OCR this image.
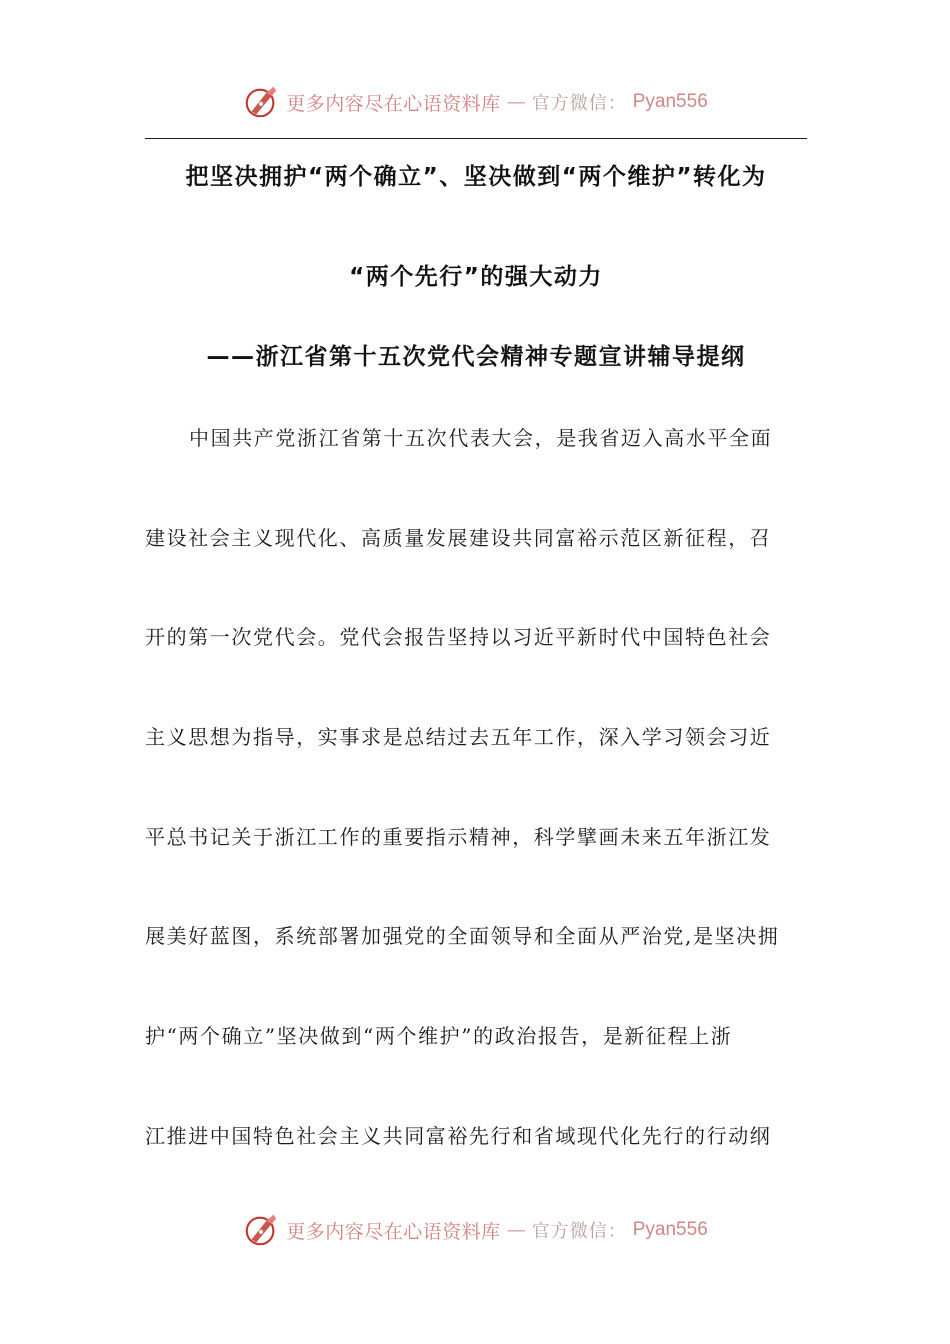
更多内容尽在心语资料库 — 官方微信： Pyan556
把坚决拥护“两个确立”、坚决做到“两个维护”转化为
“两个先行”的强大动力
——浙江省第十五次党代会精神专题宣讲辅导提纲
中国共产党浙江省第十五次代表大会，是我省迈入高水平全面
建设社会主义现代化、高质量发展建设共同富裕示范区新征程，召
开的第一次党代会。党代会报告坚持以习近平新时代中国特色社会
主义思想为指导，实事求是总结过去五年工作，深入学习领会习近
平总书记关于浙江工作的重要指示精神，科学擘画未来五年浙江发
展美好蓝图，系统部署加强党的全面领导和全面从严治党,是坚决拥
护“两个确立”坚决做到“两个维护”的政治报告，是新征程上浙
江推进中国特色社会主义共同富裕先行和省域现代化先行的行动纲
更多内容尽在心语资料库 — 官方微信： Pyan556
